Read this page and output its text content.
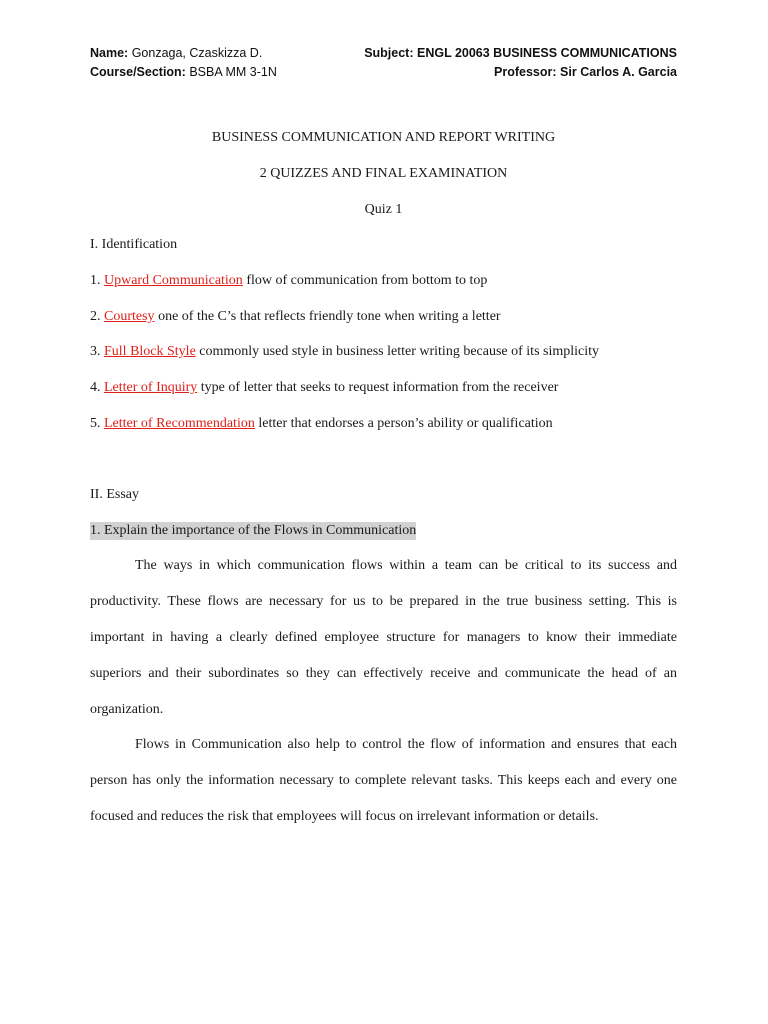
Name: Gonzaga, Czaskizza D.	Subject: ENGL 20063 BUSINESS COMMUNICATIONS
Course/Section: BSBA MM 3-1N	Professor: Sir Carlos A. Garcia
BUSINESS COMMUNICATION AND REPORT WRITING
2 QUIZZES AND FINAL EXAMINATION
Quiz 1
I. Identification
1. Upward Communication flow of communication from bottom to top
2. Courtesy one of the C’s that reflects friendly tone when writing a letter
3. Full Block Style commonly used style in business letter writing because of its simplicity
4. Letter of Inquiry type of letter that seeks to request information from the receiver
5. Letter of Recommendation letter that endorses a person’s ability or qualification
II. Essay
1. Explain the importance of the Flows in Communication
The ways in which communication flows within a team can be critical to its success and productivity. These flows are necessary for us to be prepared in the true business setting. This is important in having a clearly defined employee structure for managers to know their immediate superiors and their subordinates so they can effectively receive and communicate the head of an organization.
Flows in Communication also help to control the flow of information and ensures that each person has only the information necessary to complete relevant tasks. This keeps each and every one focused and reduces the risk that employees will focus on irrelevant information or details.
